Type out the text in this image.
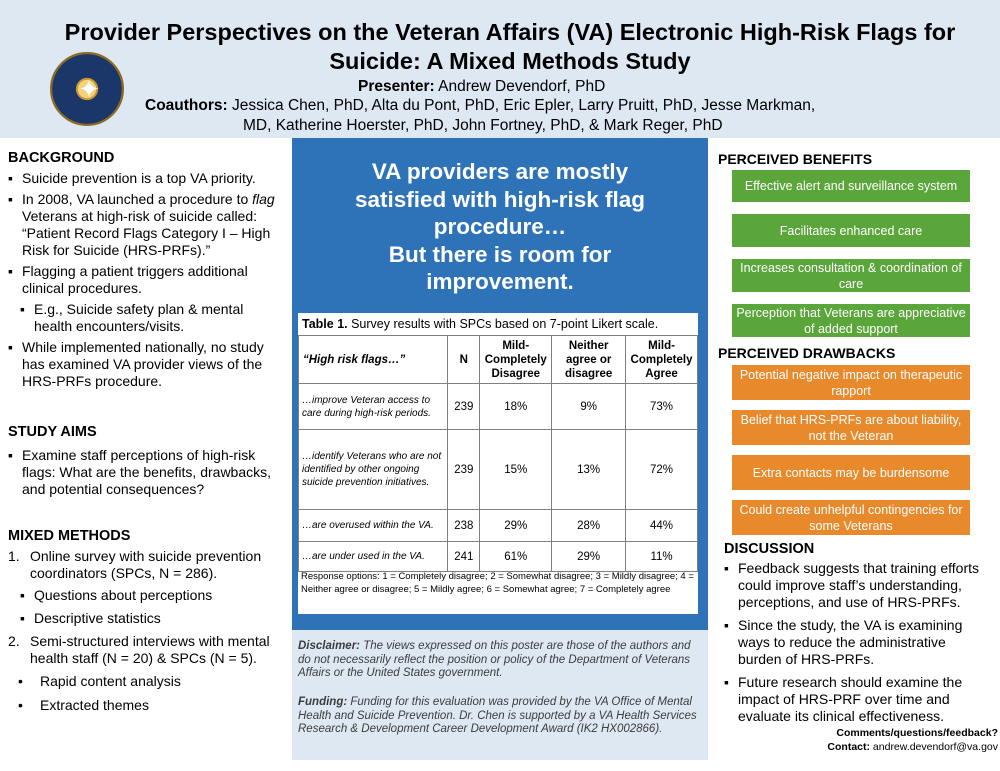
✦
Provider Perspectives on the Veteran Affairs (VA) Electronic High-Risk Flags for Suicide: A Mixed Methods Study
Presenter: Andrew Devendorf, PhD
Coauthors: Jessica Chen, PhD, Alta du Pont, PhD, Eric Epler, Larry Pruitt, PhD, Jesse Markman,
MD, Katherine Hoerster, PhD, John Fortney, PhD, & Mark Reger, PhD
BACKGROUND
▪ Suicide prevention is a top VA priority.
▪ In 2008, VA launched a procedure to flag Veterans at high-risk of suicide called: “Patient Record Flags Category I – High Risk for Suicide (HRS-PRFs).”
▪ Flagging a patient triggers additional clinical procedures.
▪ E.g., Suicide safety plan & mental health encounters/visits.
▪ While implemented nationally, no study has examined VA provider views of the HRS-PRFs procedure.
STUDY AIMS
▪ Examine staff perceptions of high-risk flags: What are the benefits, drawbacks, and potential consequences?
MIXED METHODS
1. Online survey with suicide prevention coordinators (SPCs, N = 286).
▪ Questions about perceptions
▪ Descriptive statistics
2. Semi-structured interviews with mental health staff (N = 20) & SPCs (N = 5).
• Rapid content analysis
• Extracted themes
VA providers are mostly
satisfied with high-risk flag
procedure…
But there is room for
improvement.
Table 1. Survey results with SPCs based on 7-point Likert scale.
“High risk flags…”	N	Mild-Completely Disagree	Neither agree or disagree	Mild-Completely Agree
…improve Veteran access to care during high-risk periods.	239	18%	9%	73%
…identify Veterans who are not identified by other ongoing suicide prevention initiatives.	239	15%	13%	72%
…are overused within the VA.	238	29%	28%	44%
…are under used in the VA.	241	61%	29%	11%
Response options: 1 = Completely disagree; 2 = Somewhat disagree; 3 = Mildly disagree; 4 = Neither agree or disagree; 5 = Mildly agree; 6 = Somewhat agree; 7 = Completely agree
Disclaimer: The views expressed on this poster are those of the authors and do not necessarily reflect the position or policy of the Department of Veterans Affairs or the United States government.
Funding: Funding for this evaluation was provided by the VA Office of Mental Health and Suicide Prevention. Dr. Chen is supported by a VA Health Services Research & Development Career Development Award (IK2 HX002866).
PERCEIVED BENEFITS
Effective alert and surveillance system
Facilitates enhanced care
Increases consultation & coordination of care
Perception that Veterans are appreciative of added support
PERCEIVED DRAWBACKS
Potential negative impact on therapeutic rapport
Belief that HRS-PRFs are about liability, not the Veteran
Extra contacts may be burdensome
Could create unhelpful contingencies for some Veterans
DISCUSSION
▪ Feedback suggests that training efforts could improve staff’s understanding, perceptions, and use of HRS-PRFs.
▪ Since the study, the VA is examining ways to reduce the administrative burden of HRS-PRFs.
▪ Future research should examine the impact of HRS-PRF over time and evaluate its clinical effectiveness.
Comments/questions/feedback?
Contact: andrew.devendorf@va.gov
